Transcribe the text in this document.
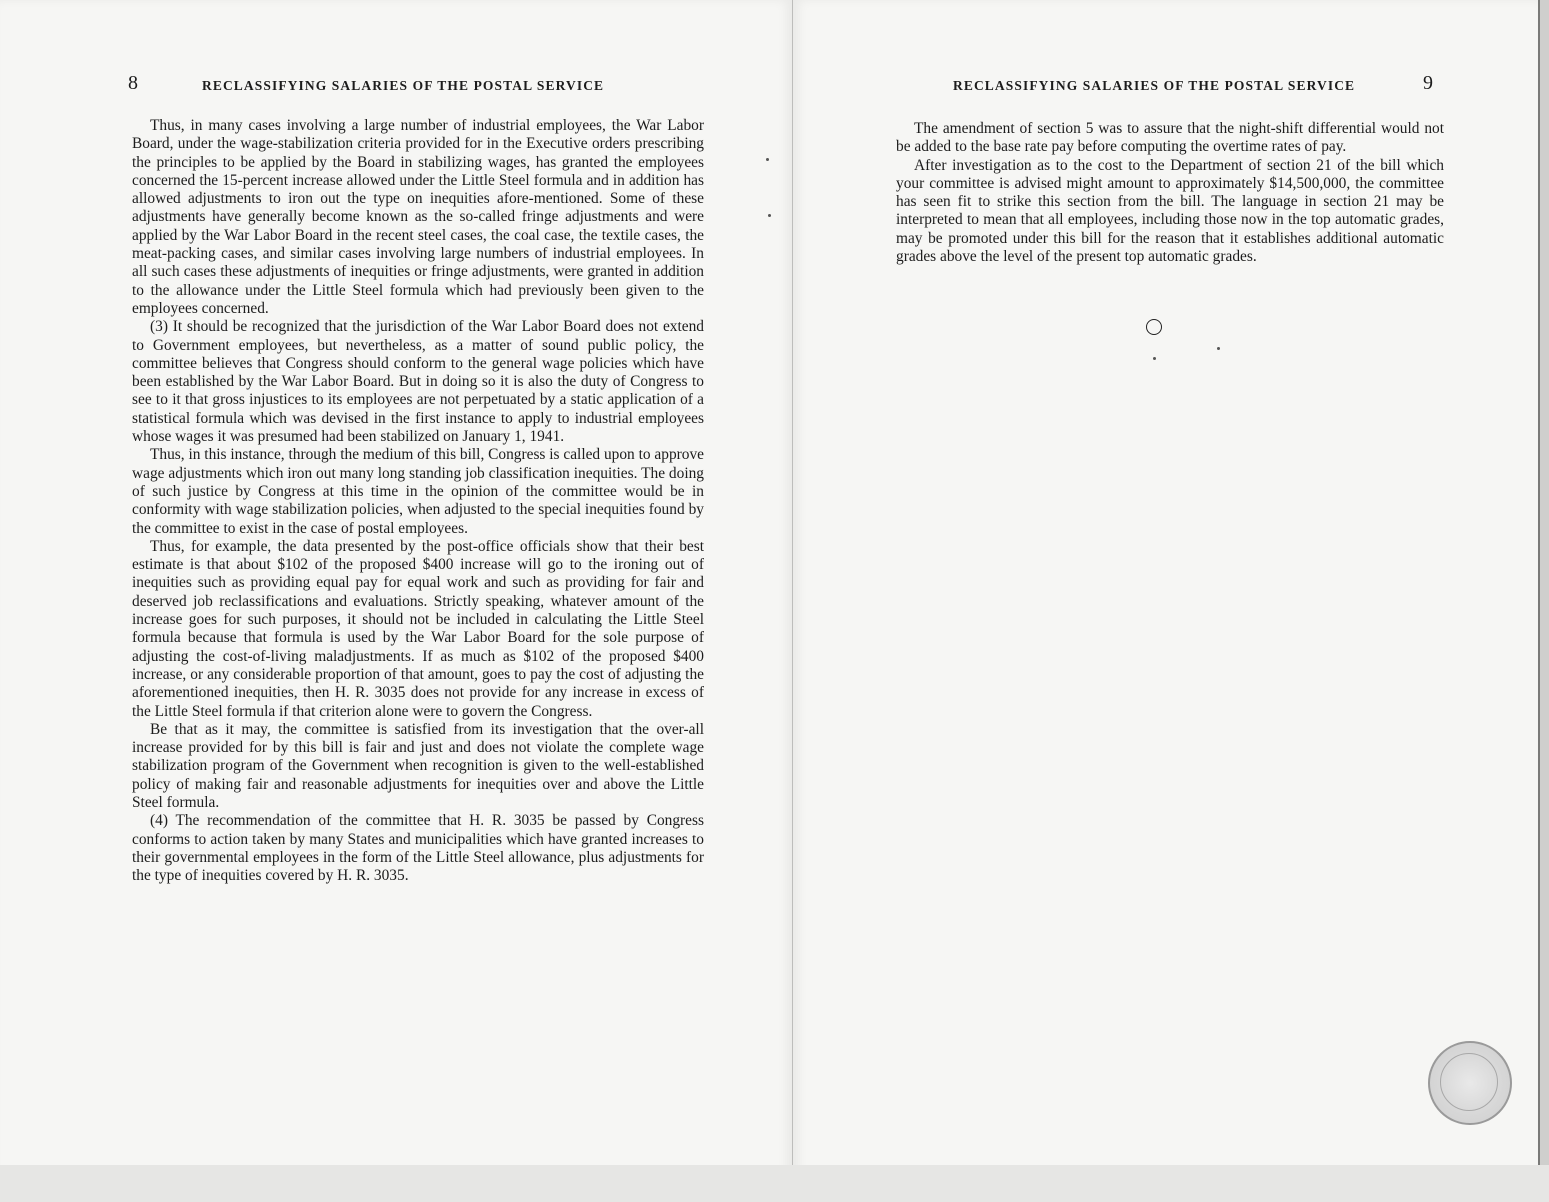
8	RECLASSIFYING SALARIES OF THE POSTAL SERVICE

Thus, in many cases involving a large number of industrial employees, the War Labor Board, under the wage-stabilization criteria provided for in the Executive orders prescribing the principles to be applied by the Board in stabilizing wages, has granted the employees concerned the 15-percent increase allowed under the Little Steel formula and in addition has allowed adjustments to iron out the type on inequities afore-mentioned. Some of these adjustments have generally become known as the so-called fringe adjustments and were applied by the War Labor Board in the recent steel cases, the coal case, the textile cases, the meat-packing cases, and similar cases involving large numbers of industrial employees. In all such cases these adjustments of inequities or fringe adjustments, were granted in addition to the allowance under the Little Steel formula which had previously been given to the employees concerned.

(3) It should be recognized that the jurisdiction of the War Labor Board does not extend to Government employees, but nevertheless, as a matter of sound public policy, the committee believes that Congress should conform to the general wage policies which have been established by the War Labor Board. But in doing so it is also the duty of Congress to see to it that gross injustices to its employees are not perpetuated by a static application of a statistical formula which was devised in the first instance to apply to industrial employees whose wages it was presumed had been stabilized on January 1, 1941.

Thus, in this instance, through the medium of this bill, Congress is called upon to approve wage adjustments which iron out many long standing job classification inequities. The doing of such justice by Congress at this time in the opinion of the committee would be in conformity with wage stabilization policies, when adjusted to the special inequities found by the committee to exist in the case of postal employees.

Thus, for example, the data presented by the post-office officials show that their best estimate is that about $102 of the proposed $400 increase will go to the ironing out of inequities such as providing equal pay for equal work and such as providing for fair and deserved job reclassifications and evaluations. Strictly speaking, whatever amount of the increase goes for such purposes, it should not be included in calculating the Little Steel formula because that formula is used by the War Labor Board for the sole purpose of adjusting the cost-of-living maladjustments. If as much as $102 of the proposed $400 increase, or any considerable proportion of that amount, goes to pay the cost of adjusting the aforementioned inequities, then H. R. 3035 does not provide for any increase in excess of the Little Steel formula if that criterion alone were to govern the Congress.

Be that as it may, the committee is satisfied from its investigation that the over-all increase provided for by this bill is fair and just and does not violate the complete wage stabilization program of the Government when recognition is given to the well-established policy of making fair and reasonable adjustments for inequities over and above the Little Steel formula.

(4) The recommendation of the committee that H. R. 3035 be passed by Congress conforms to action taken by many States and municipalities which have granted increases to their governmental employees in the form of the Little Steel allowance, plus adjustments for the type of inequities covered by H. R. 3035.

RECLASSIFYING SALARIES OF THE POSTAL SERVICE	9

The amendment of section 5 was to assure that the night-shift differential would not be added to the base rate pay before computing the overtime rates of pay.

After investigation as to the cost to the Department of section 21 of the bill which your committee is advised might amount to approximately $14,500,000, the committee has seen fit to strike this section from the bill. The language in section 21 may be interpreted to mean that all employees, including those now in the top automatic grades, may be promoted under this bill for the reason that it establishes additional automatic grades above the level of the present top automatic grades.
